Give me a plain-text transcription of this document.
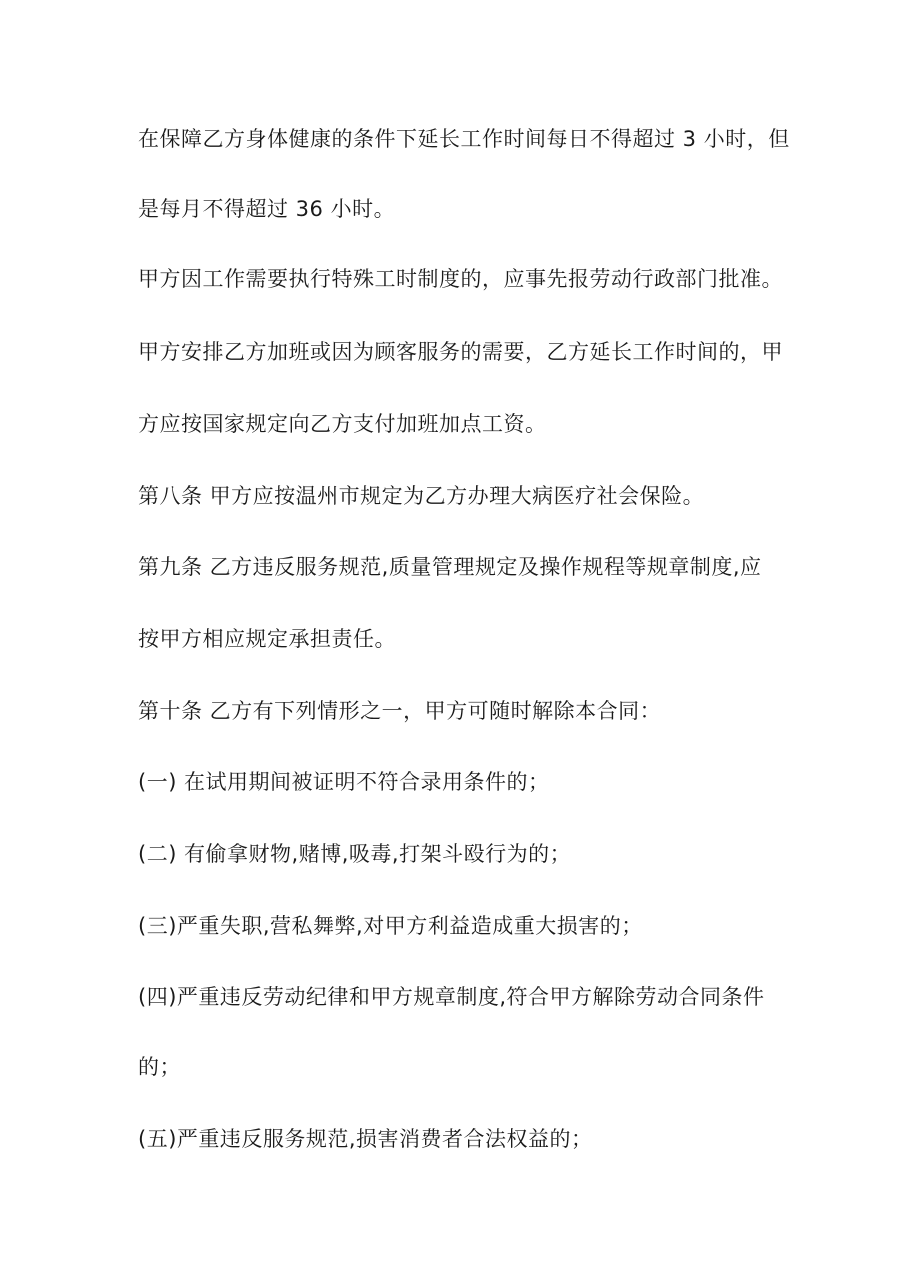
在保障乙方身体健康的条件下延长工作时间每日不得超过 3 小时，但

是每月不得超过 36 小时。

甲方因工作需要执行特殊工时制度的，应事先报劳动行政部门批准。

甲方安排乙方加班或因为顾客服务的需要，乙方延长工作时间的，甲

方应按国家规定向乙方支付加班加点工资。

第八条 甲方应按温州市规定为乙方办理大病医疗社会保险。

第九条 乙方违反服务规范,质量管理规定及操作规程等规章制度,应

按甲方相应规定承担责任。

第十条 乙方有下列情形之一，甲方可随时解除本合同：

(一) 在试用期间被证明不符合录用条件的；

(二) 有偷拿财物,赌博,吸毒,打架斗殴行为的；

(三)严重失职,营私舞弊,对甲方利益造成重大损害的；

(四)严重违反劳动纪律和甲方规章制度,符合甲方解除劳动合同条件

的；

(五)严重违反服务规范,损害消费者合法权益的；
